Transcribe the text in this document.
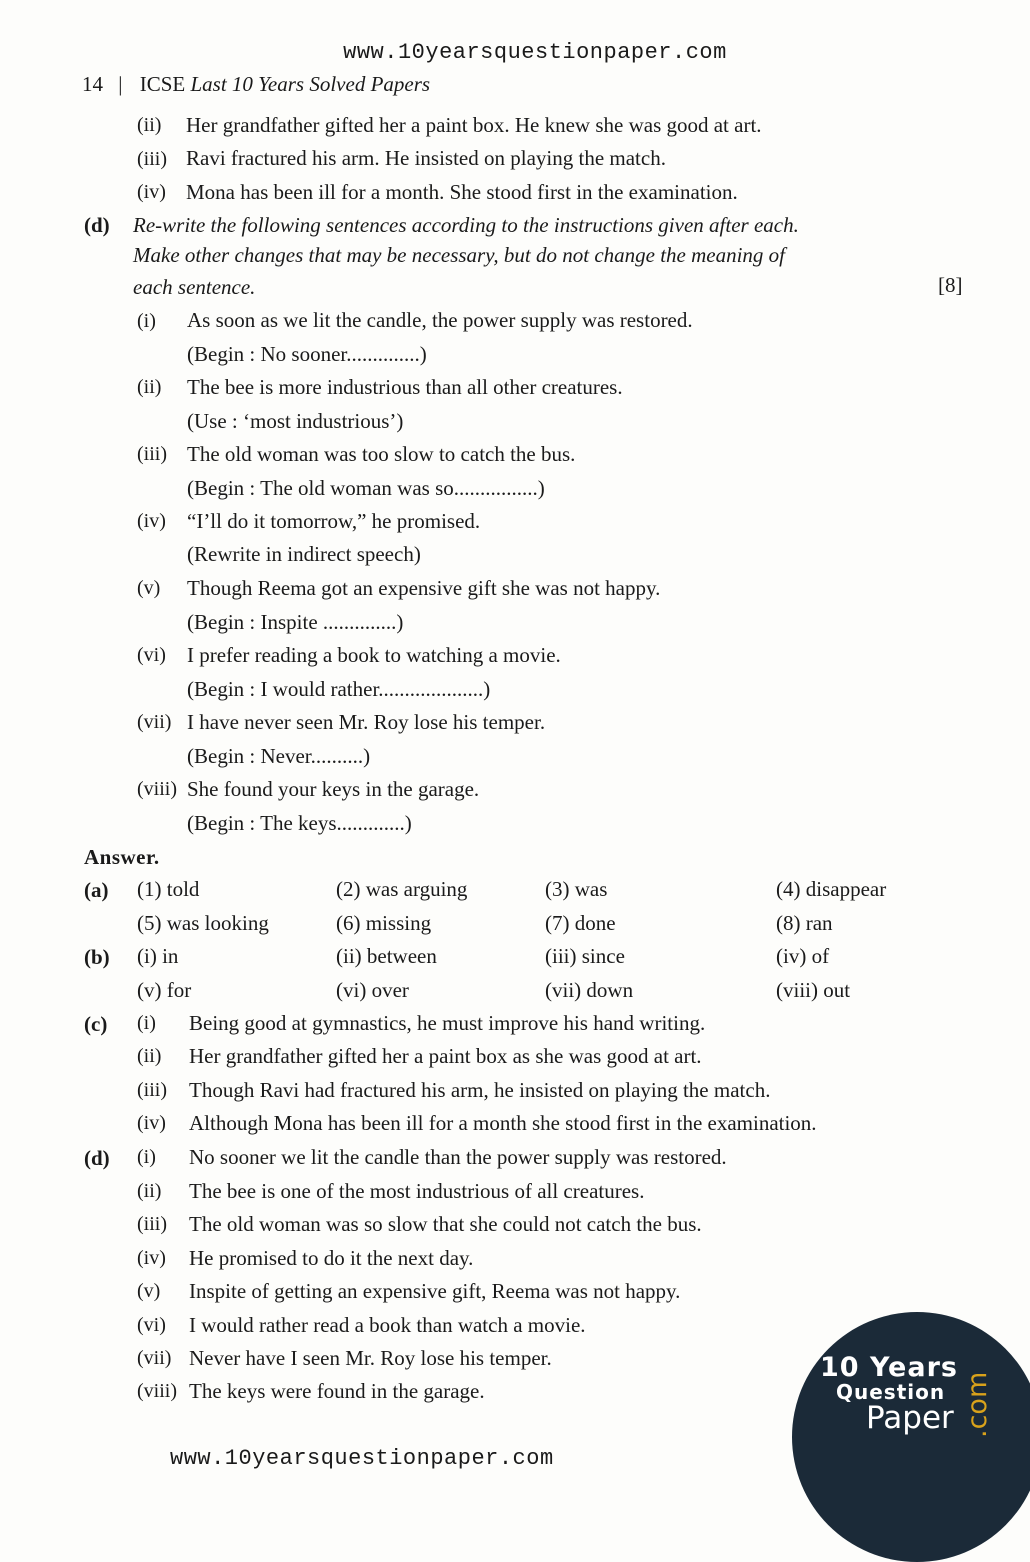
www.10yearsquestionpaper.com
14 | ICSE Last 10 Years Solved Papers
(ii) Her grandfather gifted her a paint box. He knew she was good at art.
(iii) Ravi fractured his arm. He insisted on playing the match.
(iv) Mona has been ill for a month. She stood first in the examination.
(d) Re-write the following sentences according to the instructions given after each.
Make other changes that may be necessary, but do not change the meaning of
each sentence.	[8]
(i) As soon as we lit the candle, the power supply was restored.
(Begin : No sooner..............)
(ii) The bee is more industrious than all other creatures.
(Use : ‘most industrious’)
(iii) The old woman was too slow to catch the bus.
(Begin : The old woman was so................)
(iv) “I’ll do it tomorrow,” he promised.
(Rewrite in indirect speech)
(v) Though Reema got an expensive gift she was not happy.
(Begin : Inspite ..............)
(vi) I prefer reading a book to watching a movie.
(Begin : I would rather....................)
(vii) I have never seen Mr. Roy lose his temper.
(Begin : Never..........)
(viii) She found your keys in the garage.
(Begin : The keys.............)
Answer.
(a) (1) told	(2) was arguing	(3) was	(4) disappear
(5) was looking	(6) missing	(7) done	(8) ran
(b) (i) in	(ii) between	(iii) since	(iv) of
(v) for	(vi) over	(vii) down	(viii) out
(c) (i) Being good at gymnastics, he must improve his hand writing.
(ii) Her grandfather gifted her a paint box as she was good at art.
(iii) Though Ravi had fractured his arm, he insisted on playing the match.
(iv) Although Mona has been ill for a month she stood first in the examination.
(d) (i) No sooner we lit the candle than the power supply was restored.
(ii) The bee is one of the most industrious of all creatures.
(iii) The old woman was so slow that she could not catch the bus.
(iv) He promised to do it the next day.
(v) Inspite of getting an expensive gift, Reema was not happy.
(vi) I would rather read a book than watch a movie.
(vii) Never have I seen Mr. Roy lose his temper.
(viii) The keys were found in the garage.
www.10yearsquestionpaper.com
10 Years
Question
Paper .com
